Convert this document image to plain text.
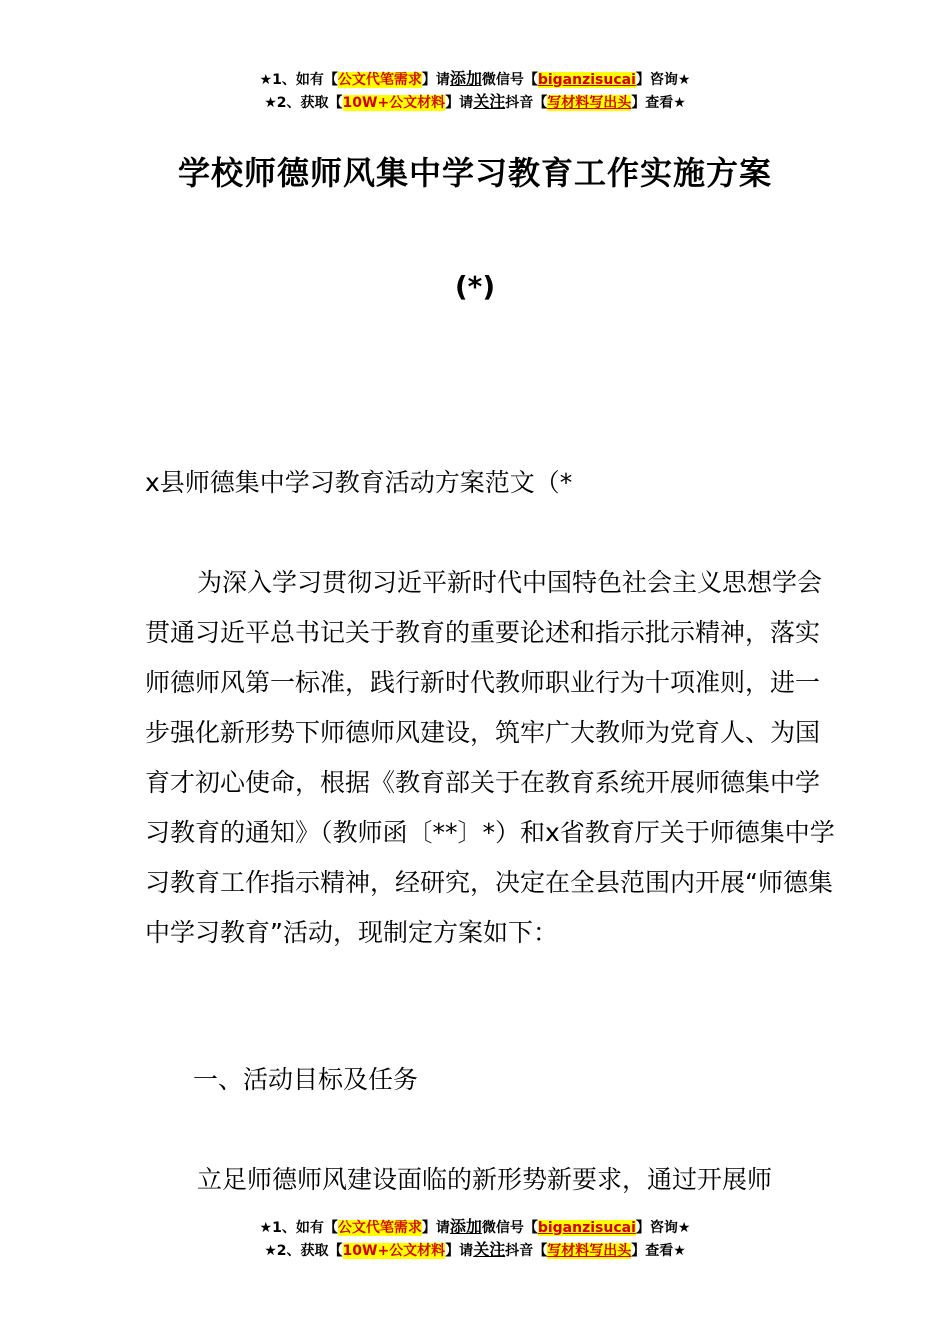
★1、如有【公文代笔需求】请添加微信号【biganzisucai】咨询★
★2、获取【10W+公文材料】请关注抖音【写材料写出头】查看★
学校师德师风集中学习教育工作实施方案
(*)

x县师德集中学习教育活动方案范文（*

为深入学习贯彻习近平新时代中国特色社会主义思想学会贯通习近平总书记关于教育的重要论述和指示批示精神，落实师德师风第一标准，践行新时代教师职业行为十项准则，进一步强化新形势下师德师风建设，筑牢广大教师为党育人、为国育才初心使命，根据《教育部关于在教育系统开展师德集中学习教育的通知》（教师函〔**〕*）和x省教育厅关于师德集中学习教育工作指示精神，经研究，决定在全县范围内开展“师德集中学习教育”活动，现制定方案如下：

一、活动目标及任务

立足师德师风建设面临的新形势新要求，通过开展师

★1、如有【公文代笔需求】请添加微信号【biganzisucai】咨询★
★2、获取【10W+公文材料】请关注抖音【写材料写出头】查看★
